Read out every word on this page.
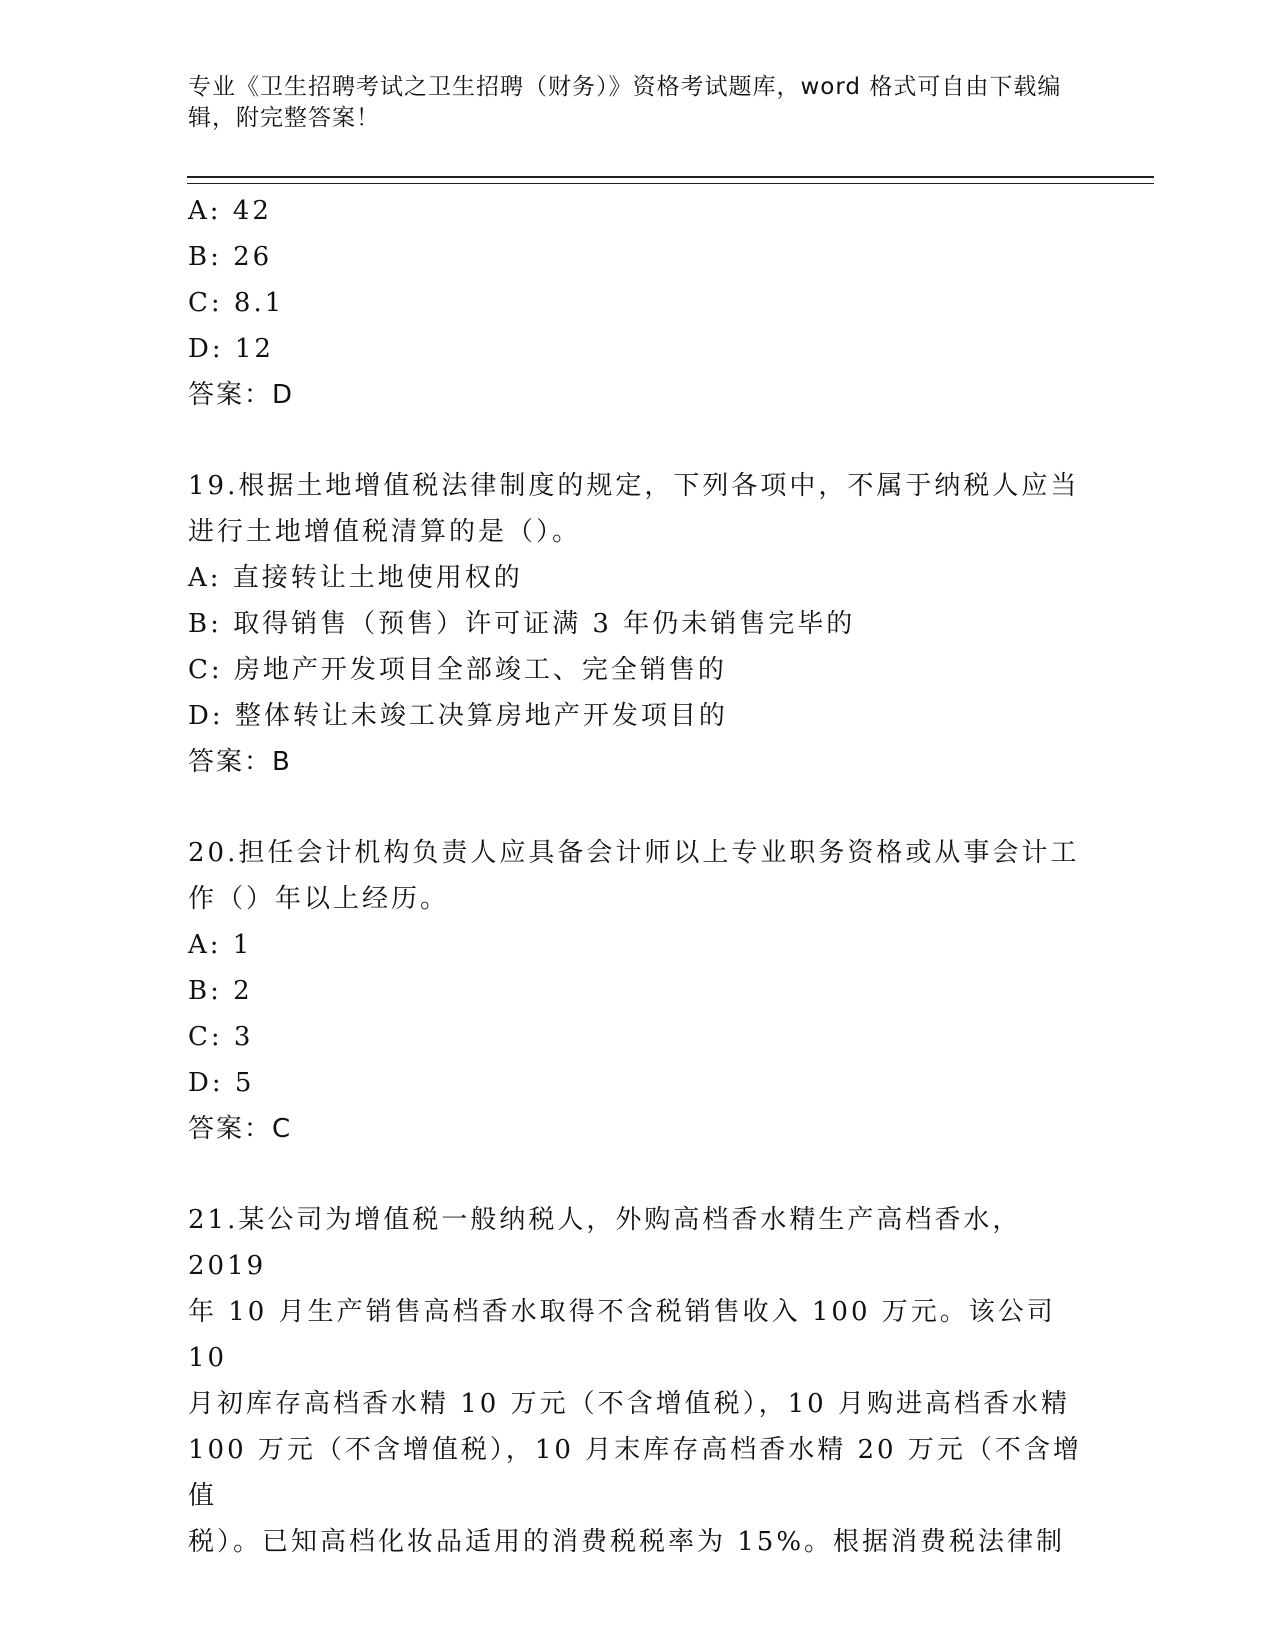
专业《卫生招聘考试之卫生招聘（财务）》资格考试题库，word 格式可自由下载编辑，附完整答案！
A: 42
B: 26
C: 8.1
D: 12
答案：D
19.根据土地增值税法律制度的规定，下列各项中，不属于纳税人应当
进行土地增值税清算的是（）。
A: 直接转让土地使用权的
B: 取得销售（预售）许可证满 3 年仍未销售完毕的
C: 房地产开发项目全部竣工、完全销售的
D: 整体转让未竣工决算房地产开发项目的
答案：B
20.担任会计机构负责人应具备会计师以上专业职务资格或从事会计工
作（）年以上经历。
A: 1
B: 2
C: 3
D: 5
答案：C
21.某公司为增值税一般纳税人，外购高档香水精生产高档香水，2019
年 10 月生产销售高档香水取得不含税销售收入 100 万元。该公司 10
月初库存高档香水精 10 万元（不含增值税），10 月购进高档香水精
100 万元（不含增值税），10 月末库存高档香水精 20 万元（不含增值
税）。已知高档化妆品适用的消费税税率为 15%。根据消费税法律制
